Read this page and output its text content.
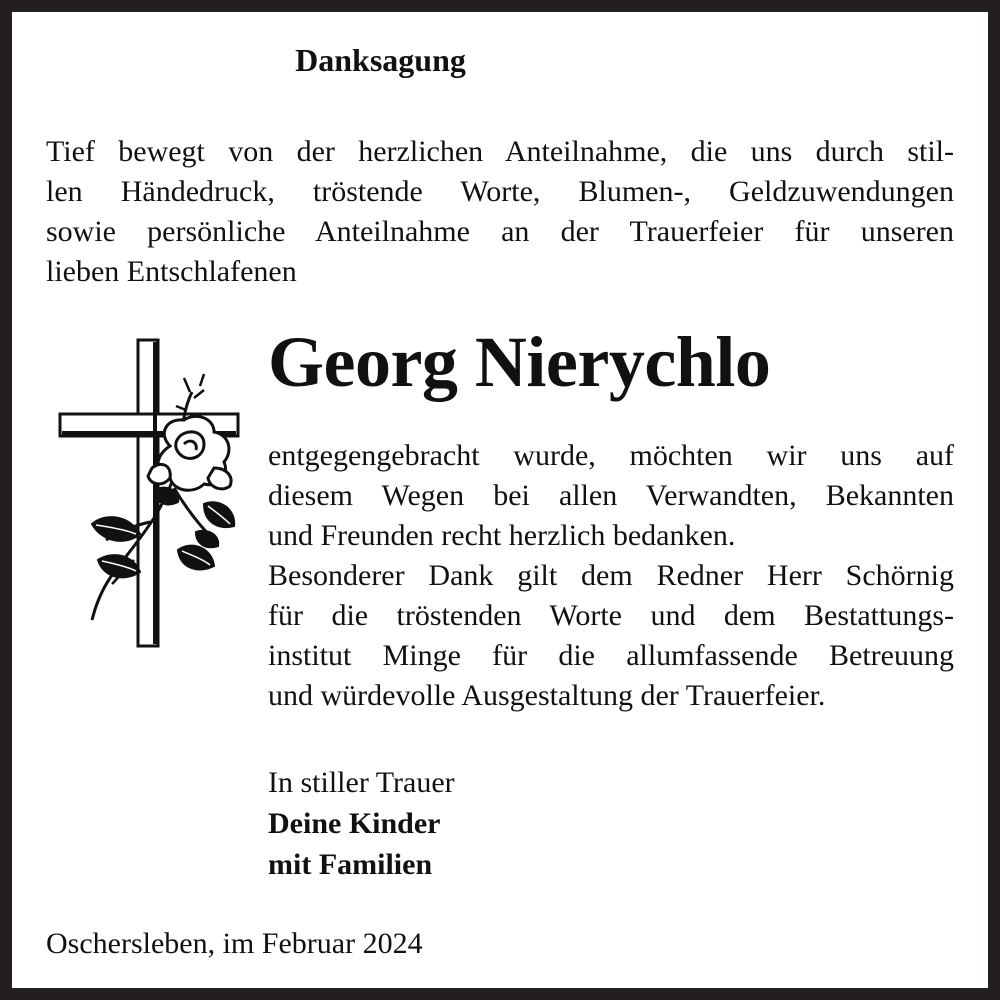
Danksagung
Tief bewegt von der herzlichen Anteilnahme, die uns durch stil-
len Händedruck, tröstende Worte, Blumen-, Geldzuwendungen
sowie persönliche Anteilnahme an der Trauerfeier für unseren
lieben Entschlafenen
Georg Nierychlo
entgegengebracht wurde, möchten wir uns auf
diesem Wegen bei allen Verwandten, Bekannten
und Freunden recht herzlich bedanken.
Besonderer Dank gilt dem Redner Herr Schörnig
für die tröstenden Worte und dem Bestattungs-
institut Minge für die allumfassende Betreuung
und würdevolle Ausgestaltung der Trauerfeier.
In stiller Trauer
Deine Kinder
mit Familien
Oschersleben, im Februar 2024
